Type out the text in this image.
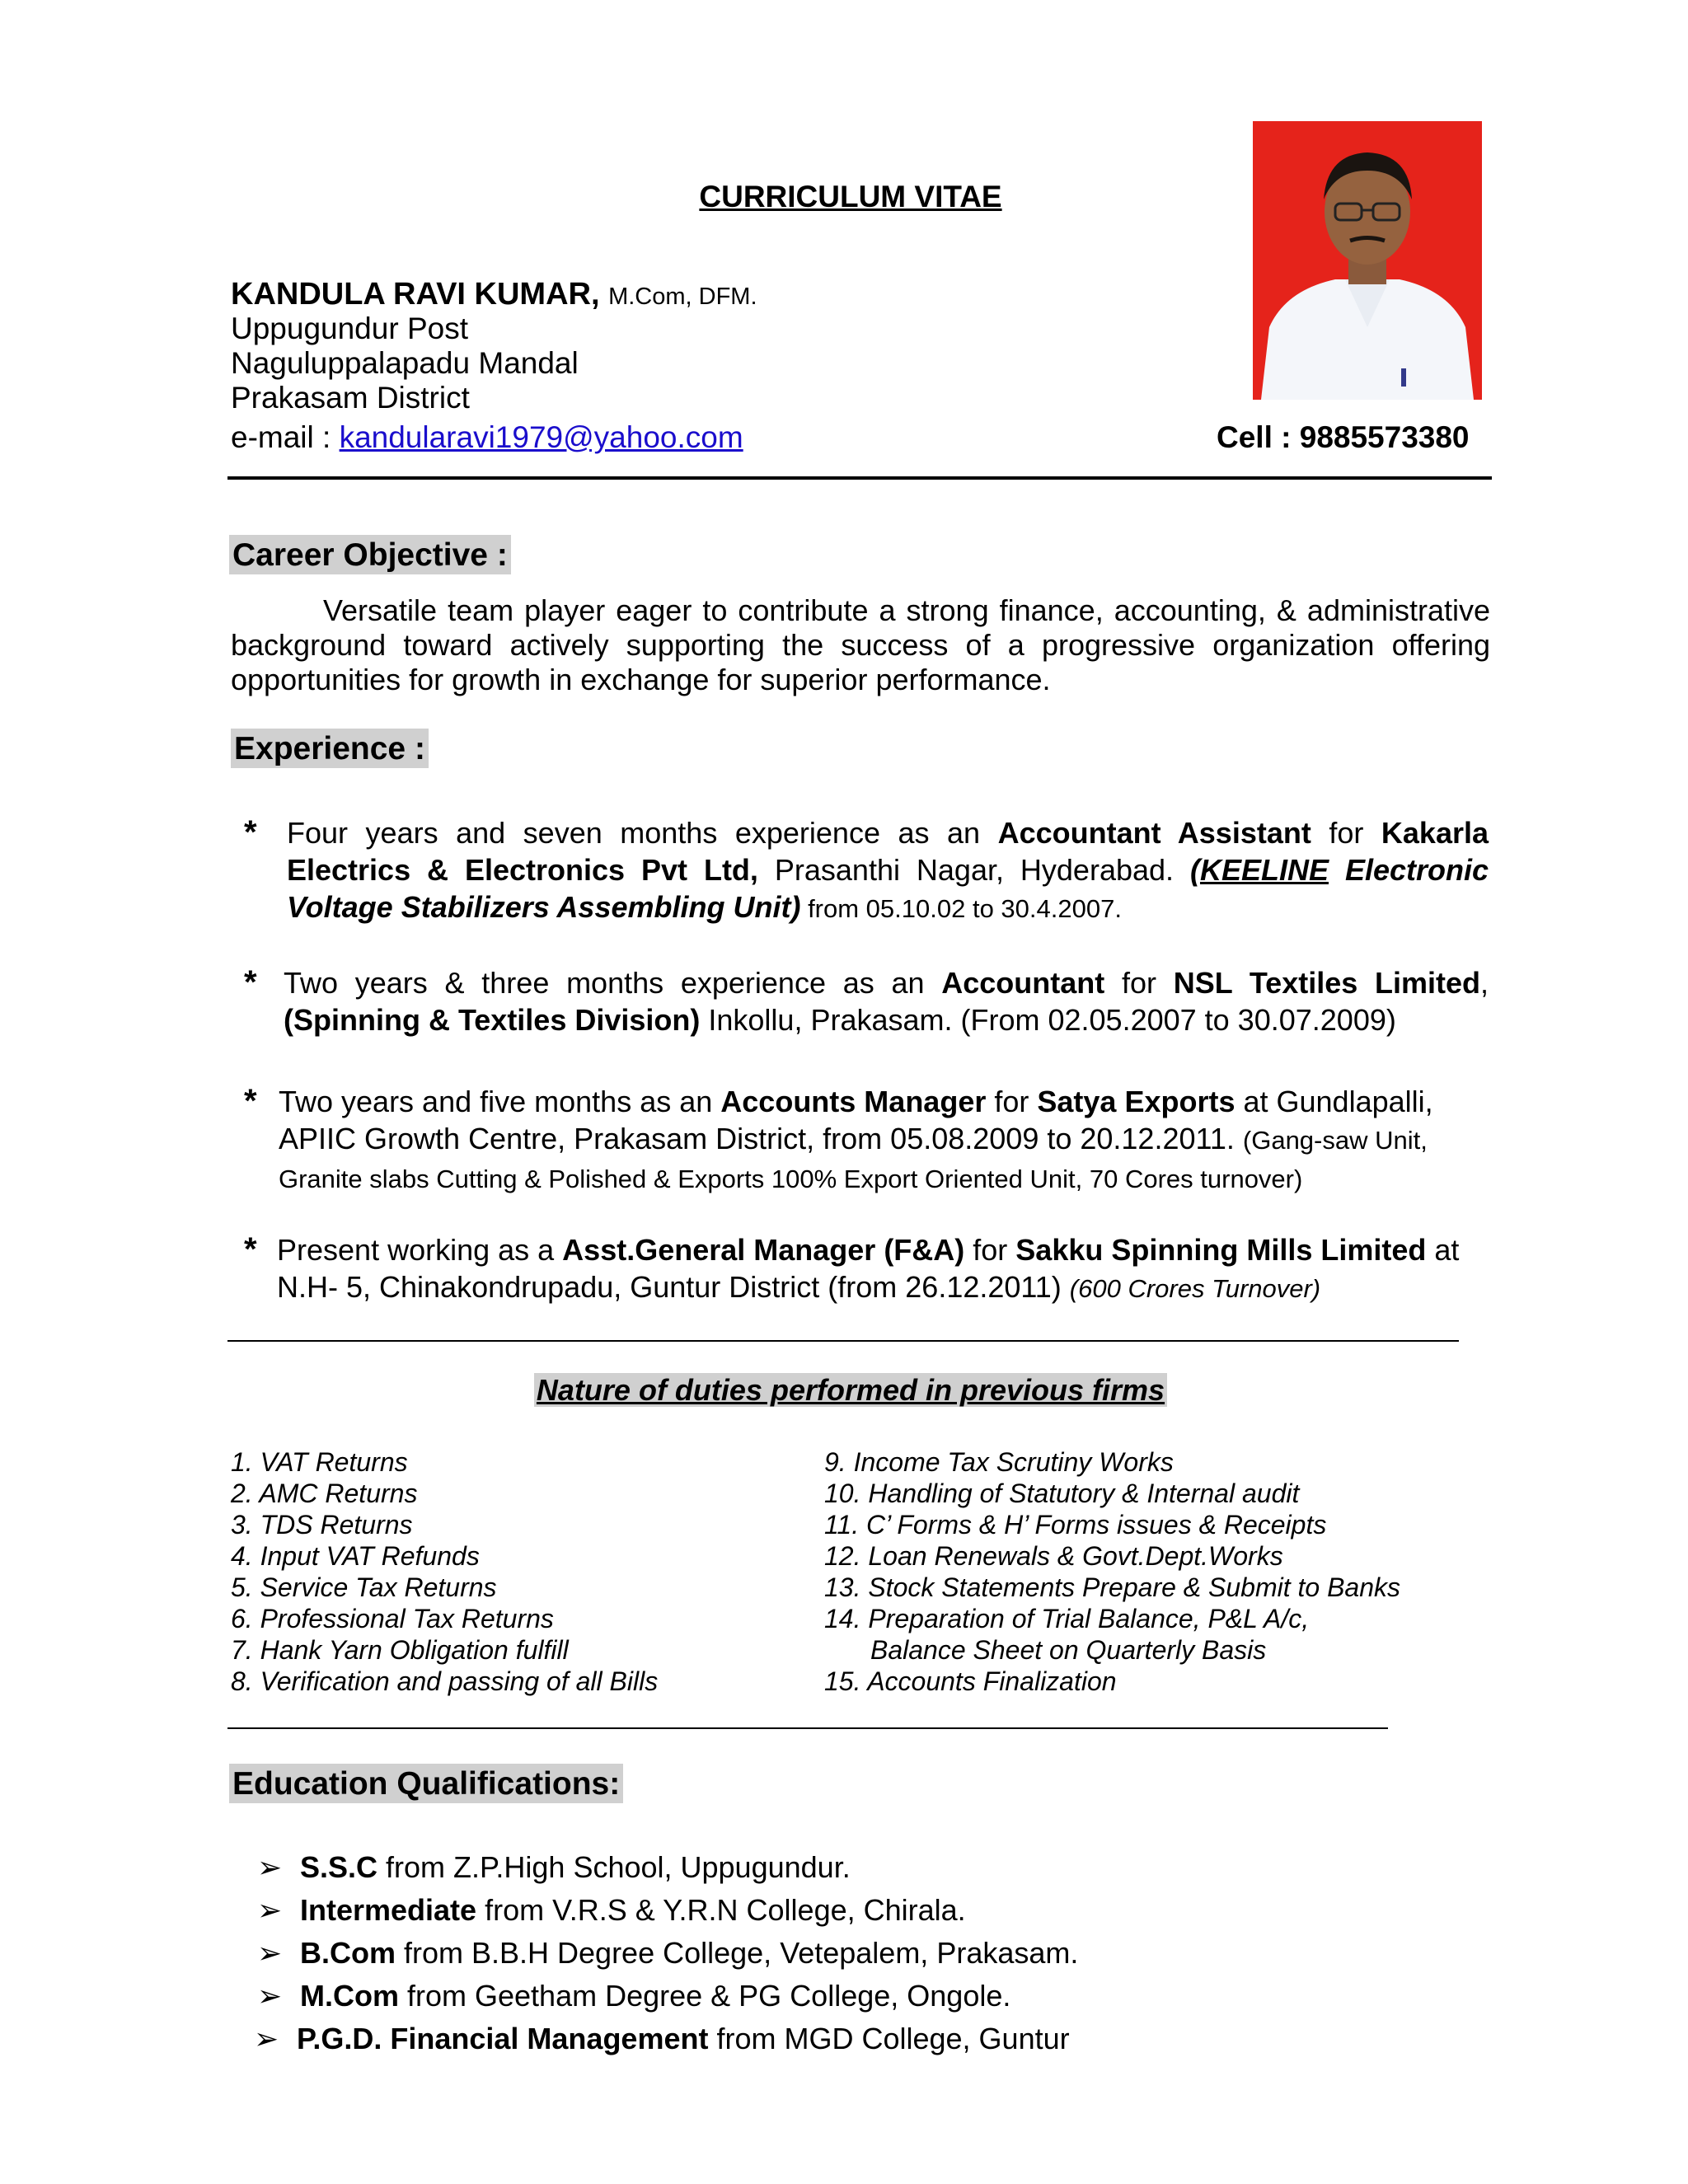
CURRICULUM VITAE
KANDULA RAVI KUMAR, M.Com, DFM.
Uppugundur Post
Naguluppalapadu Mandal
Prakasam District
e-mail : kandularavi1979@yahoo.com	Cell : 9885573380
Career Objective :

Versatile team player eager to contribute a strong finance, accounting, & administrative background toward actively supporting the success of a progressive organization offering opportunities for growth in exchange for superior performance.

Experience :
*	Four years and seven months experience as an Accountant Assistant for Kakarla Electrics & Electronics Pvt Ltd, Prasanthi Nagar, Hyderabad. (KEELINE Electronic Voltage Stabilizers Assembling Unit) from 05.10.02 to 30.4.2007.
* Two years & three months experience as an Accountant for NSL Textiles Limited, (Spinning & Textiles Division) Inkollu, Prakasam. (From 02.05.2007 to 30.07.2009)
* Two years and five months as an Accounts Manager for Satya Exports at Gundlapalli, APIIC Growth Centre, Prakasam District, from 05.08.2009 to 20.12.2011. (Gang-saw Unit, Granite slabs Cutting & Polished & Exports 100% Export Oriented Unit, 70 Cores turnover)
* Present working as a Asst.General Manager (F&A) for Sakku Spinning Mills Limited at N.H- 5, Chinakondrupadu, Guntur District (from 26.12.2011) (600 Crores Turnover)
Nature of duties performed in previous firms
1. VAT Returns
2. AMC Returns
3. TDS Returns
4. Input VAT Refunds
5. Service Tax Returns
6. Professional Tax Returns
7. Hank Yarn Obligation fulfill
8. Verification and passing of all Bills
9. Income Tax Scrutiny Works
10. Handling of Statutory & Internal audit
11. C’ Forms & H’ Forms issues & Receipts
12. Loan Renewals & Govt.Dept.Works
13. Stock Statements Prepare & Submit to Banks
14. Preparation of Trial Balance, P&L A/c,
Balance Sheet on Quarterly Basis
15. Accounts Finalization
Education Qualifications:
➢ S.S.C from Z.P.High School, Uppugundur.
➢ Intermediate from V.R.S & Y.R.N College, Chirala.
➢ B.Com from B.B.H Degree College, Vetepalem, Prakasam.
➢ M.Com from Geetham Degree & PG College, Ongole.
➢ P.G.D. Financial Management from MGD College, Guntur
